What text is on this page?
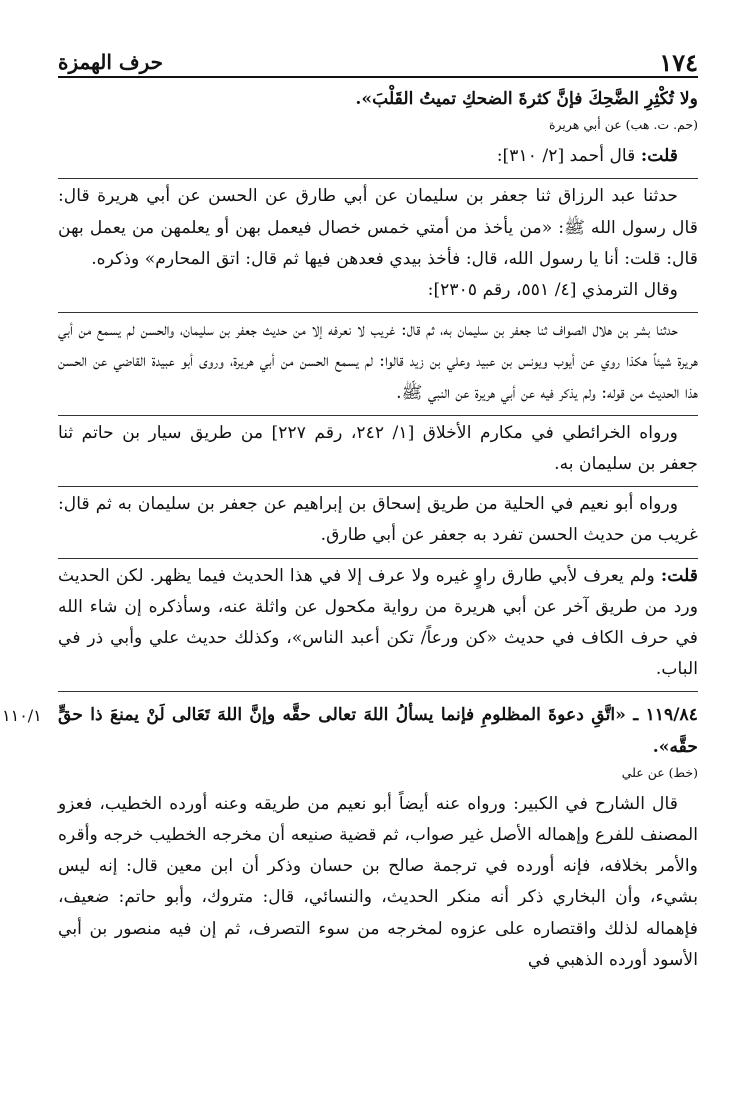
١٧٤
حرف الهمزة

ولا تُكْثِرِ الضَّحِكَ فإنَّ كثرةَ الضحكِ تميتُ القَلْبَ».

(حم. ت. هب) عن أبي هريرة

قلت: قال أحمد [٢/ ٣١٠]:

حدثنا عبد الرزاق ثنا جعفر بن سليمان عن أبي طارق عن الحسن عن أبي هريرة قال: قال رسول الله ﷺ: «من يأخذ من أمتي خمس خصال فيعمل بهن أو يعلمهن من يعمل بهن قال: قلت: أنا يا رسول الله، قال: فأخذ بيدي فعدهن فيها ثم قال: اتق المحارم» وذكره.

وقال الترمذي [٤/ ٥٥١، رقم ٢٣٠٥]:

حدثنا بشر بن هلال الصواف ثنا جعفر بن سليمان به، ثم قال: غريب لا نعرفه إلا من حديث جعفر بن سليمان، والحسن لم يسمع من أبي هريرة شيئاً هكذا روي عن أيوب ويونس بن عبيد وعلي بن زيد قالوا: لم يسمع الحسن من أبي هريرة، وروى أبو عبيدة القاضي عن الحسن هذا الحديث من قوله: ولم يذكر فيه عن أبي هريرة عن النبي ﷺ.

ورواه الخرائطي في مكارم الأخلاق [١/ ٢٤٢، رقم ٢٢٧] من طريق سيار بن حاتم ثنا جعفر بن سليمان به.

ورواه أبو نعيم في الحلية من طريق إسحاق بن إبراهيم عن جعفر بن سليمان به ثم قال: غريب من حديث الحسن تفرد به جعفر عن أبي طارق.

قلت: ولم يعرف لأبي طارق راوٍ غيره ولا عرف إلا في هذا الحديث فيما يظهر. لكن الحديث ورد من طريق آخر عن أبي هريرة من رواية مكحول عن واثلة عنه، وسأذكره إن شاء الله في حرف الكاف في حديث «كن ورعاً/ تكن أعبد الناس»، وكذلك حديث علي وأبي ذر في الباب.

١١٩/٨٤ ـ «اتَّقِ دعوةَ المظلومِ فإنما يسألُ اللهَ تعالى حقَّه وإنَّ اللهَ تَعَالى لَنْ يمنعَ ذا حقٍّ حقَّه».

(خط) عن علي

قال الشارح في الكبير: ورواه عنه أيضاً أبو نعيم من طريقه وعنه أورده الخطيب، فعزو المصنف للفرع وإهماله الأصل غير صواب، ثم قضية صنيعه أن مخرجه الخطيب خرجه وأقره والأمر بخلافه، فإنه أورده في ترجمة صالح بن حسان وذكر أن ابن معين قال: إنه ليس بشيء، وأن البخاري ذكر أنه منكر الحديث، والنسائي، قال: متروك، وأبو حاتم: ضعيف، فإهماله لذلك واقتصاره على عزوه لمخرجه من سوء التصرف، ثم إن فيه منصور بن أبي الأسود أورده الذهبي في

١١٠/١
